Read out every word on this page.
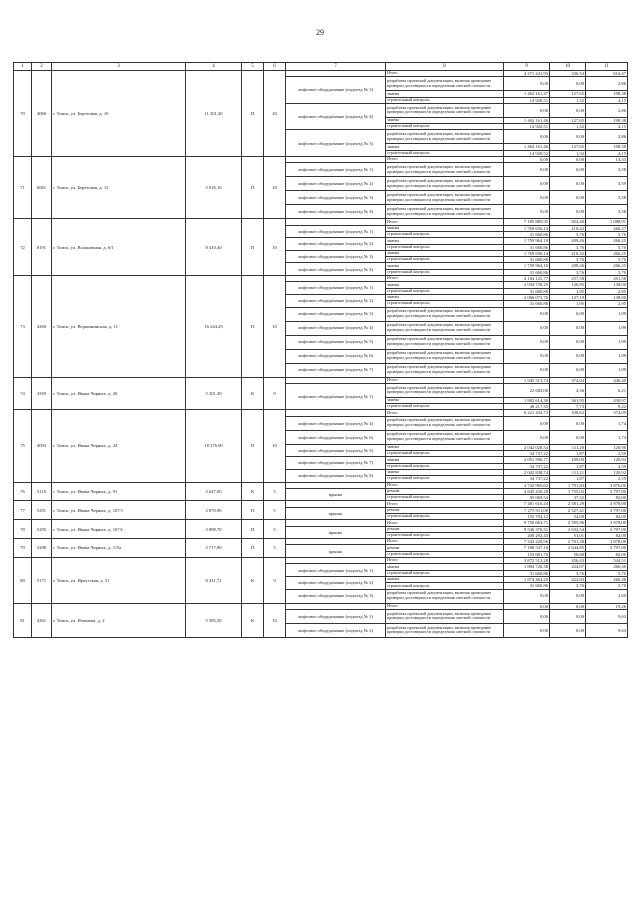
29
1	2	3	4	5	6	7	8	9	10	11
70	4060	г. Томск, ул. Березовая, д. 10	11 301,30	П	20		Итого	4 371 241,93	336,54	616,47
						лифтовое оборудование (подъезд № 3)	разработка проектной документации, включая проведение проверки достоверности определения сметной стоимости	0,00	0,00	2,86
							замена	1 462 161,47	127,65	198,38
							строительный контроль	14 920,51	1,32	4,15
						лифтовое оборудование (подъезд № 4)	разработка проектной документации, включая проведение проверки достоверности определения сметной стоимости	0,00	0,00	2,86
							замена	1 462 161,46	127,65	198,38
							строительный контроль	14 920,51	1,32	4,15
						лифтовое оборудование (подъезд № 5)	разработка проектной документации, включая проведение проверки достоверности определения сметной стоимости	0,00	0,00	2,86
							замена	1 462 161,46	127,65	198,38
							строительный контроль	14 920,52	1,32	4,15
71	6061	г. Томск, ул. Березовая, д. 12	5 016,10	П	10		Итого	0,00	0,00	14,33
						лифтовое оборудование (подъезд № 1)	разработка проектной документации, включая проведение проверки достоверности определения сметной стоимости	0,00	0,00	3,58
						лифтовое оборудование (подъезд № 2)	разработка проектной документации, включая проведение проверки достоверности определения сметной стоимости	0,00	0,00	3,59
						лифтовое оборудование (подъезд № 3)	разработка проектной документации, включая проведение проверки достоверности определения сметной стоимости	0,00	0,00	3,58
						лифтовое оборудование (подъезд № 4)	разработка проектной документации, включая проведение проверки достоверности определения сметной стоимости	0,00	0,00	3,58
72	8191	г. Томск, ул. Вольничная, д. 6/1	8 410,40	П	10		Итого	7 185 885,95	854,40	1 088,91
						лифтовое оборудование (подъезд № 1)	замена	1 769 656,14	210,42	266,27
							строительный контроль	31 660,86	3,76	5,70
						лифтовое оборудование (подъезд № 2)	замена	1 759 964,10	209,26	266,25
							строительный контроль	31 660,86	3,76	5,70
						лифтовое оборудование (подъезд № 3)	замена	1 769 656,14	210,42	266,25
							строительный контроль	31 660,86	3,76	5,70
						лифтовое оборудование (подъезд № 4)	замена	1 759 964,10	209,26	266,25
							строительный контроль	31 660,86	3,76	5,70
73	4260	г. Томск, ул. Вершининская, д. 11	16 244,29	П	10		Итого	4 184 125,77	257,58	291,58
						лифтовое оборудование (подъезд № 1)	замена	2 034 738,25	126,85	138,00
							строительный контроль	31 660,86	1,95	2,95
						лифтовое оборудование (подъезд № 2)	замена	2 066 073,76	127,19	138,00
							строительный контроль	31 660,86	1,95	2,95
						лифтовое оборудование (подъезд № 3)	разработка проектной документации, включая проведение проверки достоверности определения сметной стоимости	0,00	0,00	1,99
						лифтовое оборудование (подъезд № 4)	разработка проектной документации, включая проведение проверки достоверности определения сметной стоимости	0,00	0,00	1,99
						лифтовое оборудование (подъезд № 5)	разработка проектной документации, включая проведение проверки достоверности определения сметной стоимости	0,00	0,00	1,99
						лифтовое оборудование (подъезд № 6)	разработка проектной документации, включая проведение проверки достоверности определения сметной стоимости	0,00	0,00	1,99
						лифтовое оборудование (подъезд № 7)	разработка проектной документации, включая проведение проверки достоверности определения сметной стоимости	0,00	0,00	1,99
74	4350	г. Томск, ул. Ивана Черных, д. 20	5 201,30	К	9		Итого	1 945 513,74	374,04	446,40
						лифтовое оборудование (подъезд № 1)	разработка проектной документации, включая проведение проверки достоверности определения сметной стоимости	22 682,00	4,36	6,21
							замена	1 882 614,39	361,95	430,97
							строительный контроль	40 217,35	7,73	9,22
75	4093	г. Томск, ул. Ивана Черных, д. 24	18 376,90	П	10		Итого	6 221 434,73	338,62	374,09
						лифтовое оборудование (подъезд № 4)	разработка проектной документации, включая проведение проверки достоверности определения сметной стоимости	0,00	0,00	1,74
						лифтовое оборудование (подъезд № 6)	разработка проектной документации, включая проведение проверки достоверности определения сметной стоимости	0,00	0,00	1,74
						лифтовое оборудование (подъезд № 5)	замена	2 042 028,34	111,20	120,90
							строительный контроль	34 737,22	1,87	2,59
						лифтовое оборудование (подъезд № 7)	замена	2 051 596,77	109,00	120,92
							строительный контроль	34 737,22	1,87	2,59
						лифтовое оборудование (подъезд № 8)	замена	2 042 838,74	111,21	120,92
							строительный контроль	34 737,22	1,87	2,59
76	5116	г. Томск, ул. Ивана Черных, д. 91	2 647,00	К	5		Итого	4 742 965,62	1 791,83	3 876,00
						крыша	ремонт	4 645 436,28	1 755,03	3 797,00
							строительный контроль	95 069,54	37,32	82,00
77	5291	г. Томск, ул. Ивана Черных, д. 107/1	2 870,90	П	5		Итого	7 481 616,24	2 581,29	3 878,00
						крыша	ремонт	7 275 911,00	2 527,41	3 797,00
							строительный контроль	155 704,12	54,09	82,00
78	5295	г. Томск, ул. Ивана Черных, д. 107А	3 888,70	П	5		Итого	9 750 663,71	2 595,96	3 878,00
						крыша	ремонт	9 546 376,31	2 632,54	3 797,00
							строительный контроль	200 292,43	51,01	82,00
79	5298	г. Томск, ул. Ивана Черных, д. 115а	2 717,90	П	5		Итого	7 342 228,96	2 701,38	3 878,00
						крыша	ремонт	7 188 547,16	2 644,85	3 797,00
							строительный контроль	153 681,70	56,60	82,00
80	5171	г. Томск, ул. Иркутская, д. 31	8 411,72	К	9		Итого	3 872 512,28	456,43	544,51
						лифтовое оборудование (подъезд № 1)	замена	1 884 726,38	224,07	266,30
							строительный контроль	31 660,86	3,76	5,70
						лифтовое оборудование (подъезд № 2)	замена	1 874 464,20	222,83	266,48
							строительный контроль	31 660,86	3,76	5,70
						лифтовое оборудование (подъезд № 3)	разработка проектной документации, включая проведение проверки достоверности определения сметной стоимости	0,00	0,00	2,60
81	4261	г. Томск, ул. Изюмова, д. 2	5 385,50	К	10		Итого	0,00	0,00	19,26
						лифтовое оборудование (подъезд № 1)	разработка проектной документации, включая проведение проверки достоверности определения сметной стоимости	0,00	0,00	9,63
						лифтовое оборудование (подъезд № 2)	разработка проектной документации, включая проведение проверки достоверности определения сметной стоимости	0,00	0,00	9,63
